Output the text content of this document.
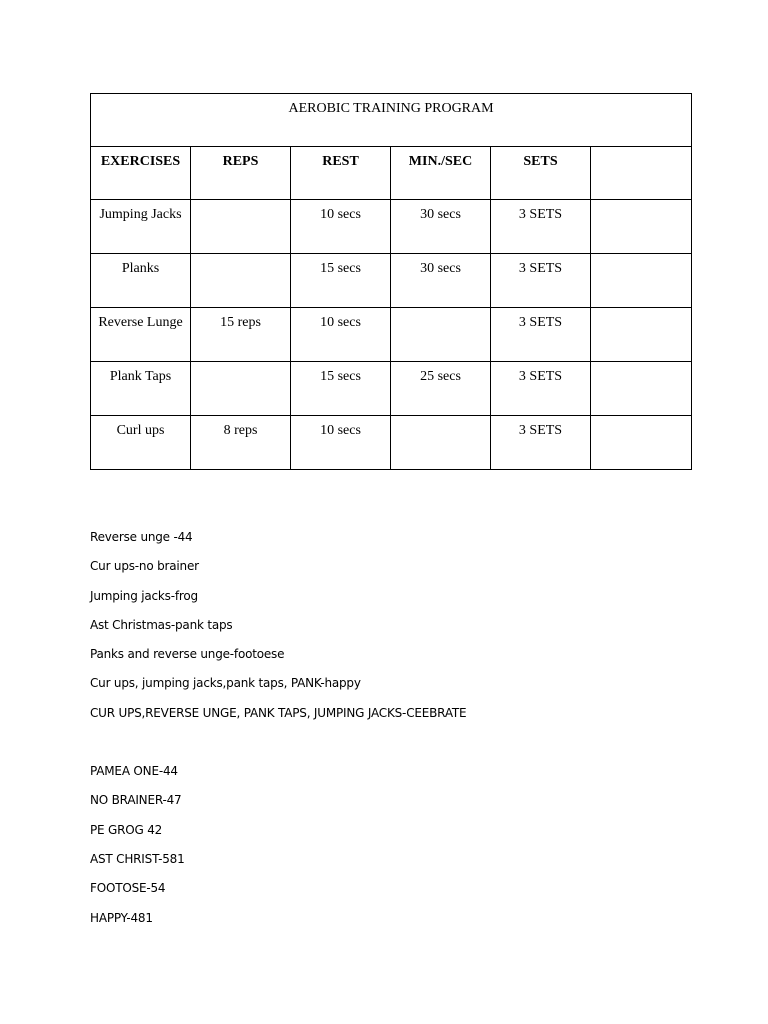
AEROBIC TRAINING PROGRAM					
EXERCISES	REPS	REST	MIN./SEC	SETS	
Jumping Jacks		10 secs	30 secs	3 SETS	
Planks		15 secs	30 secs	3 SETS	
Reverse Lunge	15 reps	10 secs		3 SETS	
Plank Taps		15 secs	25 secs	3 SETS	
Curl ups	8 reps	10 secs		3 SETS	
Reverse unge -44
Cur ups-no brainer
Jumping jacks-frog
Ast Christmas-pank taps
Panks and reverse unge-footoese
Cur ups, jumping jacks,pank taps, PANK-happy
CUR UPS,REVERSE UNGE, PANK TAPS, JUMPING JACKS-CEEBRATE
PAMEA ONE-44
NO BRAINER-47
PE GROG 42
AST CHRIST-581
FOOTOSE-54
HAPPY-481
